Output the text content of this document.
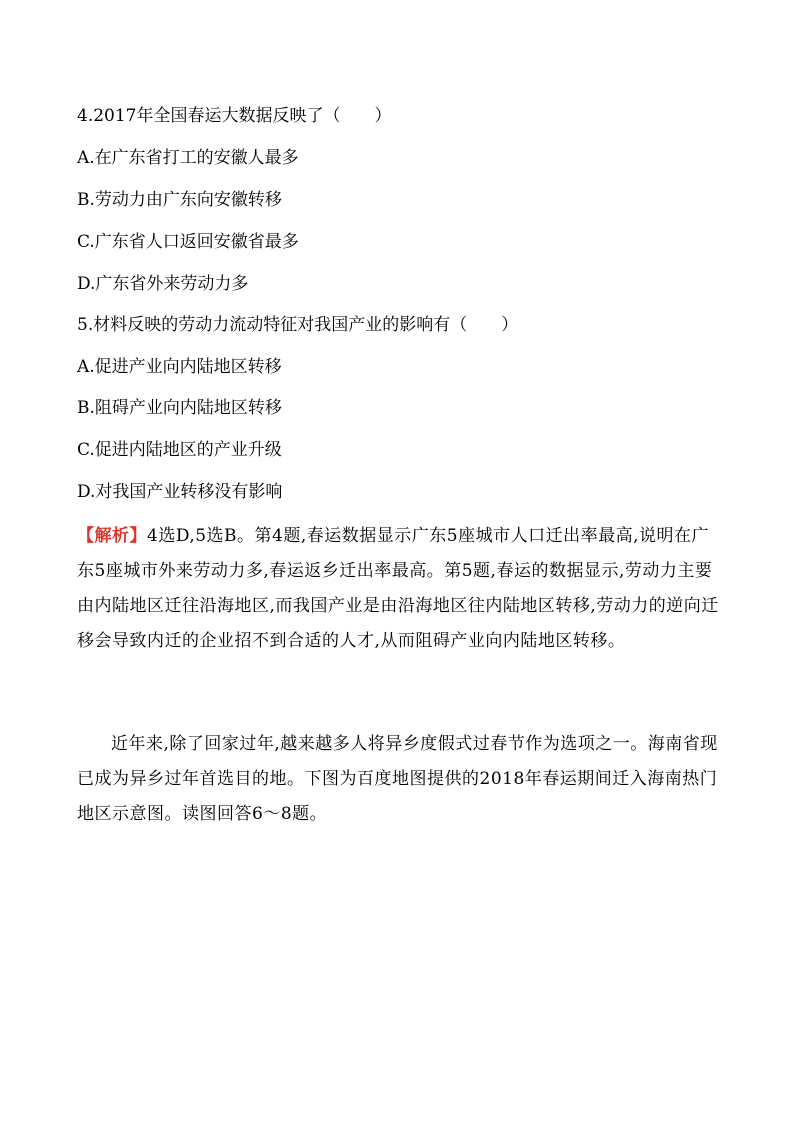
4.2017年全国春运大数据反映了（　　）
A.在广东省打工的安徽人最多
B.劳动力由广东向安徽转移
C.广东省人口返回安徽省最多
D.广东省外来劳动力多
5.材料反映的劳动力流动特征对我国产业的影响有（　　）
A.促进产业向内陆地区转移
B.阻碍产业向内陆地区转移
C.促进内陆地区的产业升级
D.对我国产业转移没有影响
【解析】4选D,5选B。第4题,春运数据显示广东5座城市人口迁出率最高,说明在广东5座城市外来劳动力多,春运返乡迁出率最高。第5题,春运的数据显示,劳动力主要由内陆地区迁往沿海地区,而我国产业是由沿海地区往内陆地区转移,劳动力的逆向迁移会导致内迁的企业招不到合适的人才,从而阻碍产业向内陆地区转移。
近年来,除了回家过年,越来越多人将异乡度假式过春节作为选项之一。海南省现已成为异乡过年首选目的地。下图为百度地图提供的2018年春运期间迁入海南热门地区示意图。读图回答6～8题。
